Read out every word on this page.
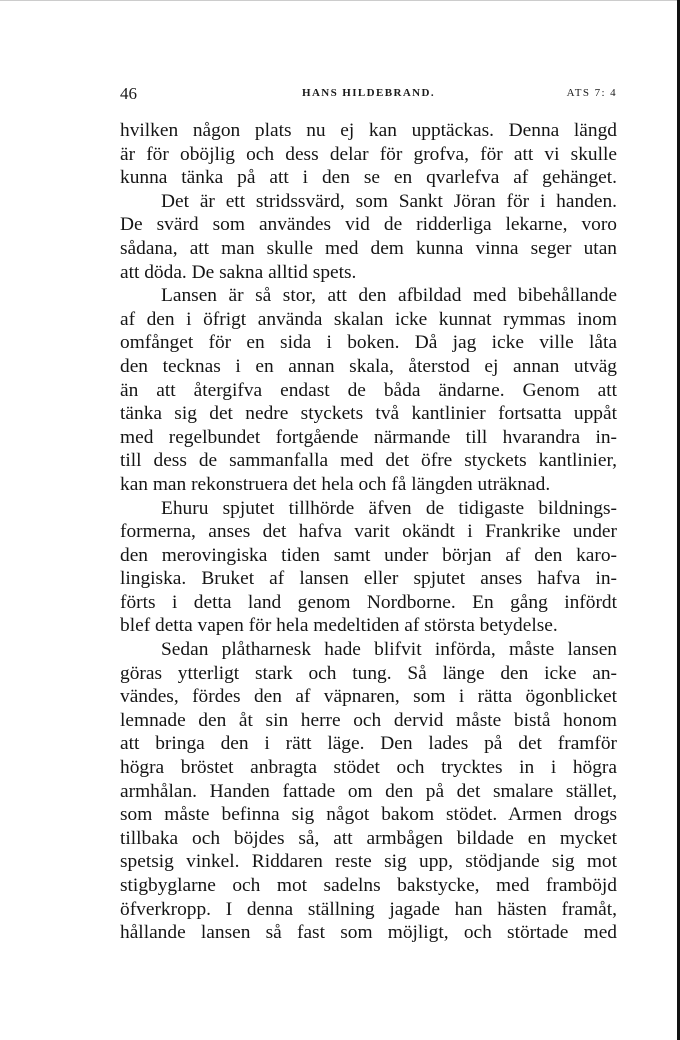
46	HANS HILDEBRAND.	ATS 7: 4
hvilken någon plats nu ej kan upptäckas. Denna längd
är för oböjlig och dess delar för grofva, för att vi skulle
kunna tänka på att i den se en qvarlefva af gehänget.
Det är ett stridssvärd, som Sankt Jöran för i handen.
De svärd som användes vid de ridderliga lekarne, voro
sådana, att man skulle med dem kunna vinna seger utan
att döda. De sakna alltid spets.
Lansen är så stor, att den afbildad med bibehållande
af den i öfrigt använda skalan icke kunnat rymmas inom
omfånget för en sida i boken. Då jag icke ville låta
den tecknas i en annan skala, återstod ej annan utväg
än att återgifva endast de båda ändarne. Genom att
tänka sig det nedre styckets två kantlinier fortsatta uppåt
med regelbundet fortgående närmande till hvarandra in-
till dess de sammanfalla med det öfre styckets kantlinier,
kan man rekonstruera det hela och få längden uträknad.
Ehuru spjutet tillhörde äfven de tidigaste bildnings-
formerna, anses det hafva varit okändt i Frankrike under
den merovingiska tiden samt under början af den karo-
lingiska. Bruket af lansen eller spjutet anses hafva in-
förts i detta land genom Nordborne. En gång infördt
blef detta vapen för hela medeltiden af största betydelse.
Sedan plåtharnesk hade blifvit införda, måste lansen
göras ytterligt stark och tung. Så länge den icke an-
vändes, fördes den af väpnaren, som i rätta ögonblicket
lemnade den åt sin herre och dervid måste bistå honom
att bringa den i rätt läge. Den lades på det framför
högra bröstet anbragta stödet och trycktes in i högra
armhålan. Handen fattade om den på det smalare stället,
som måste befinna sig något bakom stödet. Armen drogs
tillbaka och böjdes så, att armbågen bildade en mycket
spetsig vinkel. Riddaren reste sig upp, stödjande sig mot
stigbyglarne och mot sadelns bakstycke, med framböjd
öfverkropp. I denna ställning jagade han hästen framåt,
hållande lansen så fast som möjligt, och störtade med
